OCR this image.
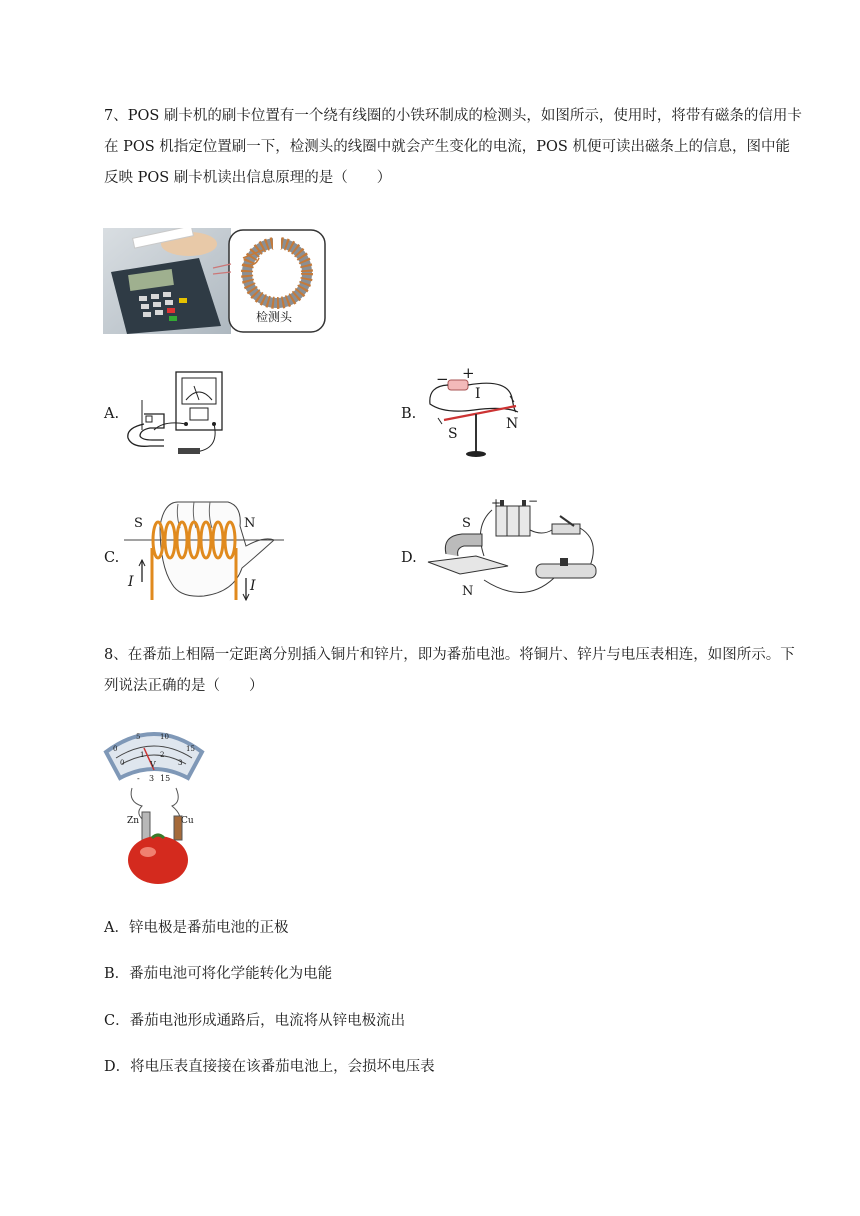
7、POS 刷卡机的刷卡位置有一个绕有线圈的小铁环制成的检测头，如图所示，使用时，将带有磁条的信用卡在 POS 机指定位置刷一下，检测头的线圈中就会产生变化的电流，POS 机便可读出磁条上的信息，图中能反映 POS 刷卡机读出信息原理的是（　　）
检测头
A.	B.
− +
I
S
N
C.
S	N
I	I
D.
+ −
S
N
8、在番茄上相隔一定距离分别插入铜片和锌片，即为番茄电池。将铜片、锌片与电压表相连，如图所示。下列说法正确的是（　　）
0
5	10
15
0
1 2
3
V
- 3 15
Zn	Cu
A．锌电极是番茄电池的正极
B．番茄电池可将化学能转化为电能
C．番茄电池形成通路后，电流将从锌电极流出
D．将电压表直接接在该番茄电池上，会损坏电压表
